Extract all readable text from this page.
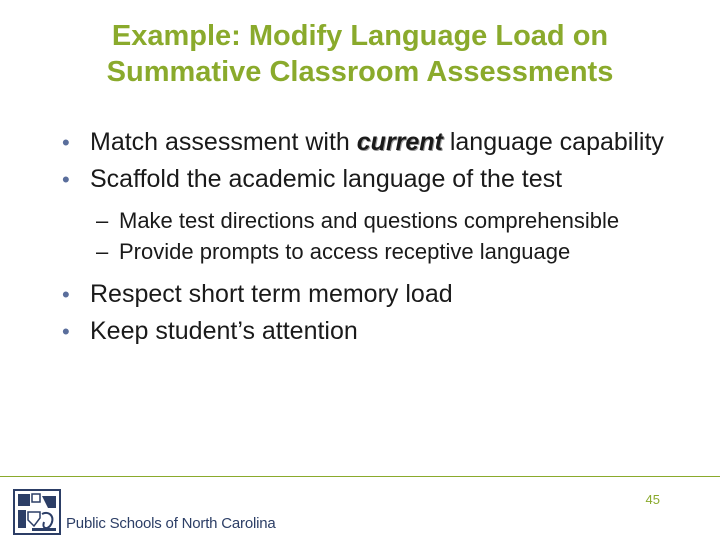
Example: Modify Language Load on
Summative Classroom Assessments
• Match assessment with current language capability
• Scaffold the academic language of the test
– Make test directions and questions comprehensible
– Provide prompts to access receptive language
• Respect short term memory load
• Keep student’s attention
Public Schools of North Carolina
45
